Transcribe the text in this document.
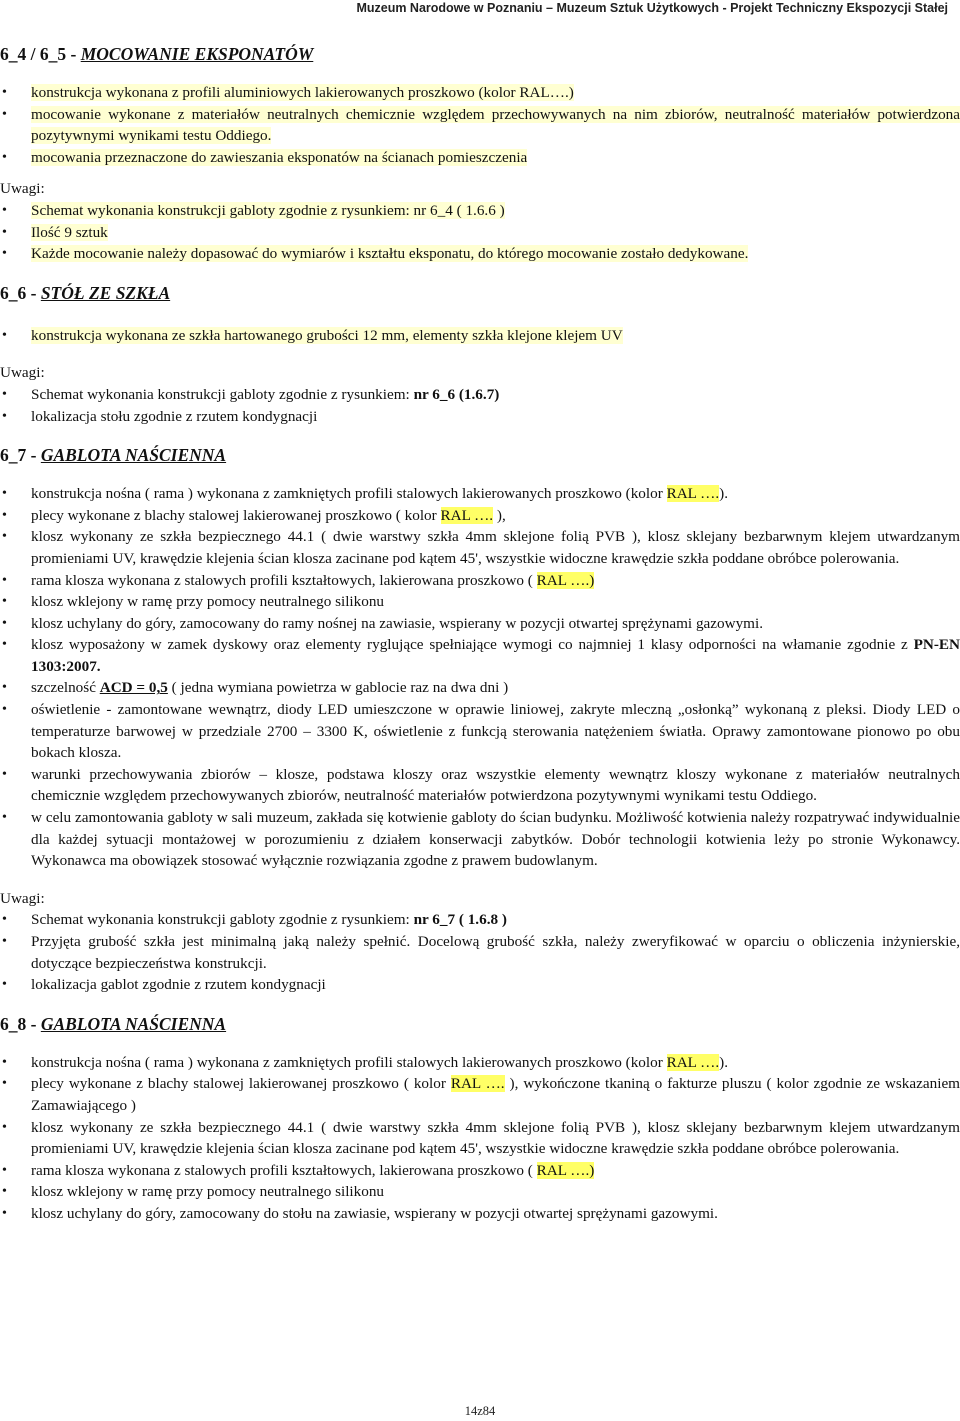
Muzeum Narodowe w Poznaniu – Muzeum Sztuk Użytkowych - Projekt Techniczny Ekspozycji Stałej
6_4 / 6_5 - MOCOWANIE EKSPONATÓW
• konstrukcja wykonana z profili aluminiowych lakierowanych proszkowo (kolor RAL….)
• mocowanie wykonane z materiałów neutralnych chemicznie względem przechowywanych na nim zbiorów, neutralność materiałów potwierdzona pozytywnymi wynikami testu Oddiego.
• mocowania przeznaczone do zawieszania eksponatów na ścianach pomieszczenia
Uwagi:
• Schemat wykonania konstrukcji gabloty zgodnie z rysunkiem: nr 6_4 ( 1.6.6 )
• Ilość 9 sztuk
• Każde mocowanie należy dopasować do wymiarów i kształtu eksponatu, do którego mocowanie zostało dedykowane.
6_6 - STÓŁ ZE SZKŁA
• konstrukcja wykonana ze szkła hartowanego grubości 12 mm, elementy szkła klejone klejem UV
Uwagi:
• Schemat wykonania konstrukcji gabloty zgodnie z rysunkiem: nr 6_6 (1.6.7)
• lokalizacja stołu zgodnie z rzutem kondygnacji
6_7 - GABLOTA NAŚCIENNA
• konstrukcja nośna ( rama ) wykonana z zamkniętych profili stalowych lakierowanych proszkowo (kolor RAL ….).
• plecy wykonane z blachy stalowej lakierowanej proszkowo ( kolor RAL …. ),
• klosz wykonany ze szkła bezpiecznego 44.1 ( dwie warstwy szkła 4mm sklejone folią PVB ), klosz sklejany bezbarwnym klejem utwardzanym promieniami UV, krawędzie klejenia ścian klosza zacinane pod kątem 45', wszystkie widoczne krawędzie szkła poddane obróbce polerowania.
• rama klosza wykonana z stalowych profili kształtowych, lakierowana proszkowo ( RAL ….)
• klosz wklejony w ramę przy pomocy neutralnego silikonu
• klosz uchylany do góry, zamocowany do ramy nośnej na zawiasie, wspierany w pozycji otwartej sprężynami gazowymi.
• klosz wyposażony w zamek dyskowy oraz elementy ryglujące spełniające wymogi co najmniej 1 klasy odporności na włamanie zgodnie z PN-EN 1303:2007.
• szczelność ACD = 0,5 ( jedna wymiana powietrza w gablocie raz na dwa dni )
• oświetlenie - zamontowane wewnątrz, diody LED umieszczone w oprawie liniowej, zakryte mleczną „osłonką” wykonaną z pleksi. Diody LED o temperaturze barwowej w przedziale 2700 – 3300 K, oświetlenie z funkcją sterowania natężeniem światła. Oprawy zamontowane pionowo po obu bokach klosza.
• warunki przechowywania zbiorów – klosze, podstawa kloszy oraz wszystkie elementy wewnątrz kloszy wykonane z materiałów neutralnych chemicznie względem przechowywanych zbiorów, neutralność materiałów potwierdzona pozytywnymi wynikami testu Oddiego.
• w celu zamontowania gabloty w sali muzeum, zakłada się kotwienie gabloty do ścian budynku. Możliwość kotwienia należy rozpatrywać indywidualnie dla każdej sytuacji montażowej w porozumieniu z działem konserwacji zabytków. Dobór technologii kotwienia leży po stronie Wykonawcy. Wykonawca ma obowiązek stosować wyłącznie rozwiązania zgodne z prawem budowlanym.
Uwagi:
• Schemat wykonania konstrukcji gabloty zgodnie z rysunkiem: nr 6_7 ( 1.6.8 )
• Przyjęta grubość szkła jest minimalną jaką należy spełnić. Docelową grubość szkła, należy zweryfikować w oparciu o obliczenia inżynierskie, dotyczące bezpieczeństwa konstrukcji.
• lokalizacja gablot zgodnie z rzutem kondygnacji
6_8 - GABLOTA NAŚCIENNA
• konstrukcja nośna ( rama ) wykonana z zamkniętych profili stalowych lakierowanych proszkowo (kolor RAL ….).
• plecy wykonane z blachy stalowej lakierowanej proszkowo ( kolor RAL …. ), wykończone tkaniną o fakturze pluszu ( kolor zgodnie ze wskazaniem Zamawiającego )
• klosz wykonany ze szkła bezpiecznego 44.1 ( dwie warstwy szkła 4mm sklejone folią PVB ), klosz sklejany bezbarwnym klejem utwardzanym promieniami UV, krawędzie klejenia ścian klosza zacinane pod kątem 45', wszystkie widoczne krawędzie szkła poddane obróbce polerowania.
• rama klosza wykonana z stalowych profili kształtowych, lakierowana proszkowo ( RAL ….)
• klosz wklejony w ramę przy pomocy neutralnego silikonu
• klosz uchylany do góry, zamocowany do stołu na zawiasie, wspierany w pozycji otwartej sprężynami gazowymi.
14z84
